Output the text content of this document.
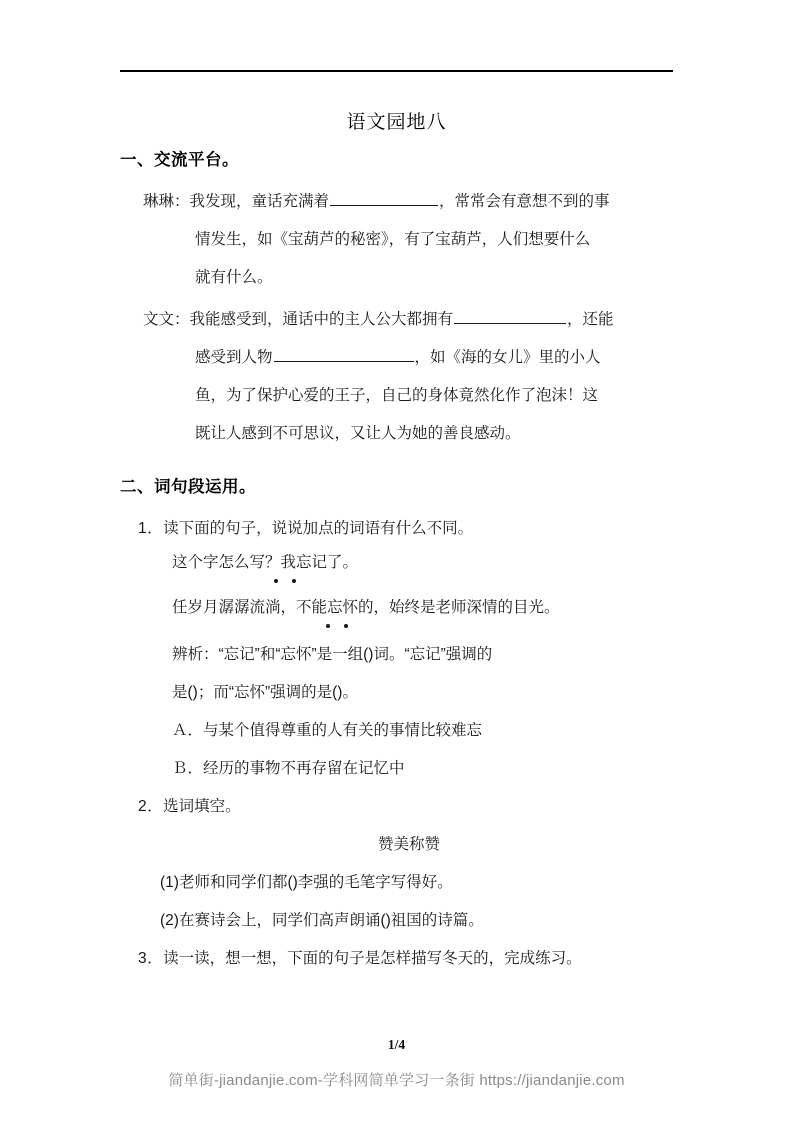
语文园地八
一、交流平台。
琳琳：我发现，童话充满着	，常常会有意想不到的事
情发生，如《宝葫芦的秘密》，有了宝葫芦，人们想要什么
就有什么。
文文：我能感受到，通话中的主人公大都拥有	，还能
感受到人物	，如《海的女儿》里的小人
鱼，为了保护心爱的王子，自己的身体竟然化作了泡沫！这
既让人感到不可思议，又让人为她的善良感动。
二、词句段运用。
1．读下面的句子，说说加点的词语有什么不同。
这个字怎么写？我忘记了。
任岁月潺潺流淌，不能忘怀的，始终是老师深情的目光。
辨析：“忘记”和“忘怀”是一组()词。“忘记”强调的
是()；而“忘怀”强调的是()。
Ａ．与某个值得尊重的人有关的事情比较难忘
Ｂ．经历的事物不再存留在记忆中
2．选词填空。
赞美称赞
(1)老师和同学们都()李强的毛笔字写得好。
(2)在赛诗会上，同学们高声朗诵()祖国的诗篇。
3．读一读，想一想，下面的句子是怎样描写冬天的，完成练习。
1/4
简单街-jiandanjie.com-学科网简单学习一条街 https://jiandanjie.com
